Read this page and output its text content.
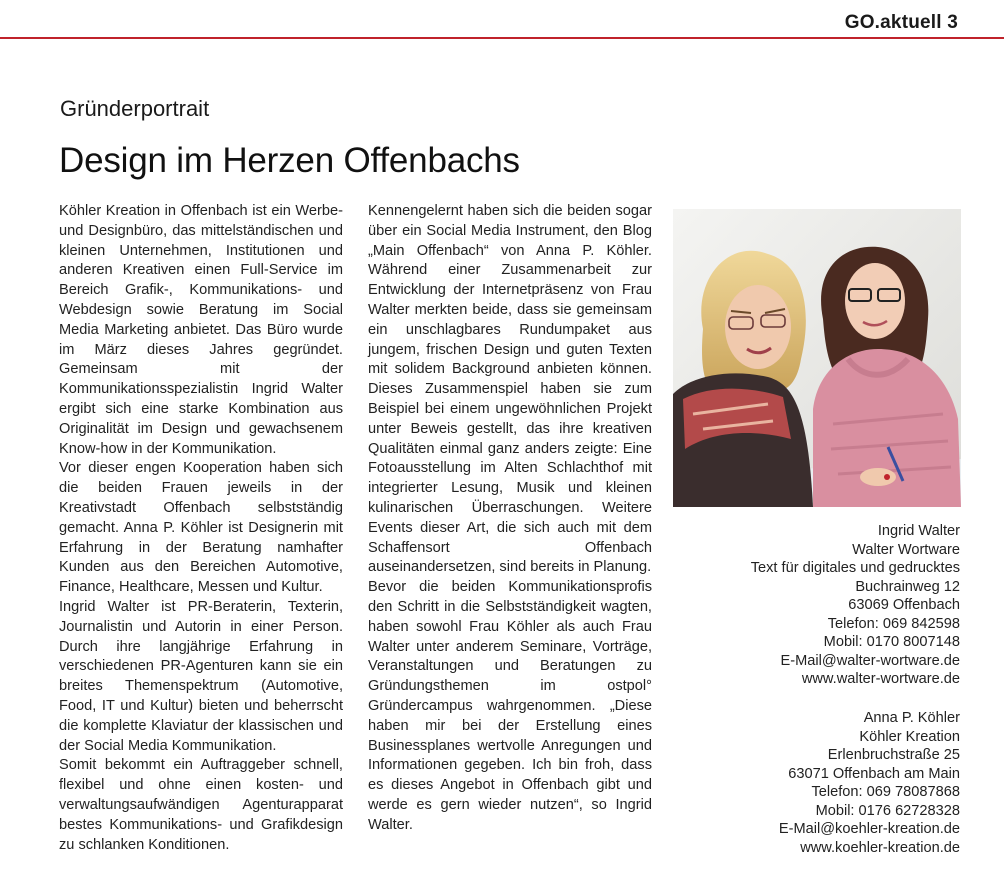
GO.aktuell 3
Gründerportrait
Design im Herzen Offenbachs

Köhler Kreation in Offenbach ist ein Werbe- und Designbüro, das mittelständischen und kleinen Unternehmen, Institutionen und anderen Kreativen einen Full-Service im Bereich Grafik-, Kommunikations- und Webdesign sowie Beratung im Social Media Marketing anbietet. Das Büro wurde im März dieses Jahres gegründet. Gemeinsam mit der Kommunikationsspezialistin Ingrid Walter ergibt sich eine starke Kombination aus Originalität im Design und gewachsenem Know-how in der Kommunikation.

Vor dieser engen Kooperation haben sich die beiden Frauen jeweils in der Kreativstadt Offenbach selbstständig gemacht. Anna P. Köhler ist Designerin mit Erfahrung in der Beratung namhafter Kunden aus den Bereichen Automotive, Finance, Healthcare, Messen und Kultur.

Ingrid Walter ist PR-Beraterin, Texterin, Journalistin und Autorin in einer Person. Durch ihre langjährige Erfahrung in verschiedenen PR-Agenturen kann sie ein breites Themenspektrum (Automotive, Food, IT und Kultur) bieten und beherrscht die komplette Klaviatur der klassischen und der Social Media Kommunikation.

Somit bekommt ein Auftraggeber schnell, flexibel und ohne einen kosten- und verwaltungsaufwändigen Agenturapparat bestes Kommunikations- und Grafikdesign zu schlanken Konditionen.

Kennengelernt haben sich die beiden sogar über ein Social Media Instrument, den Blog „Main Offenbach“ von Anna P. Köhler. Während einer Zusammenarbeit zur Entwicklung der Internetpräsenz von Frau Walter merkten beide, dass sie gemeinsam ein unschlagbares Rundumpaket aus jungem, frischen Design und guten Texten mit solidem Background anbieten können. Dieses Zusammenspiel haben sie zum Beispiel bei einem ungewöhnlichen Projekt unter Beweis gestellt, das ihre kreativen Qualitäten einmal ganz anders zeigte: Eine Fotoausstellung im Alten Schlachthof mit integrierter Lesung, Musik und kleinen kulinarischen Überraschungen. Weitere Events dieser Art, die sich auch mit dem Schaffensort Offenbach auseinandersetzen, sind bereits in Planung.

Bevor die beiden Kommunikationsprofis den Schritt in die Selbstständigkeit wagten, haben sowohl Frau Köhler als auch Frau Walter unter anderem Seminare, Vorträge, Veranstaltungen und Beratungen zu Gründungsthemen im ostpol° Gründercampus wahrgenommen. „Diese haben mir bei der Erstellung eines Businessplanes wertvolle Anregungen und Informationen gegeben. Ich bin froh, dass es dieses Angebot in Offenbach gibt und werde es gern wieder nutzen“, so Ingrid Walter.

Ingrid Walter
Walter Wortware
Text für digitales und gedrucktes
Buchrainweg 12
63069 Offenbach
Telefon: 069 842598
Mobil: 0170 8007148
E-Mail@walter-wortware.de
www.walter-wortware.de
Anna P. Köhler
Köhler Kreation
Erlenbruchstraße 25
63071 Offenbach am Main
Telefon: 069 78087868
Mobil: 0176 62728328
E-Mail@koehler-kreation.de
www.koehler-kreation.de
